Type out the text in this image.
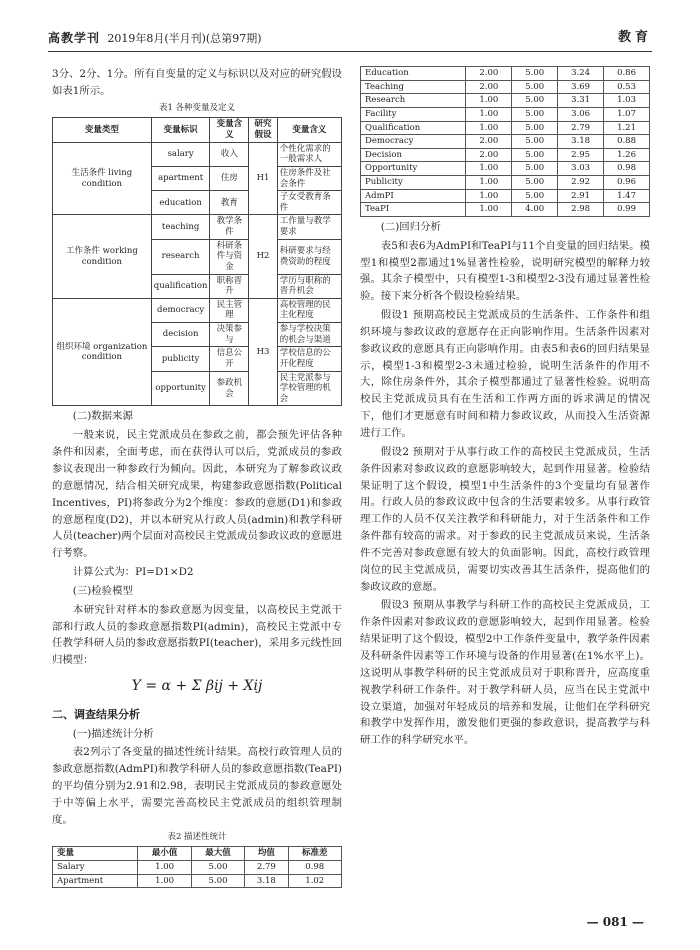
高教学刊 2019年8月(半月刊)(总第97期)	教育

3分、2分、1分。所有自变量的定义与标识以及对应的研究假设如表1所示。

表1 各种变量及定义
变量类型	变量标识	变量含义	研究假设	变量含义
生活条件 living condition	salary	收入	H1	个性化需求的一般需求人
	apartment	住房		住房条件及社会条件
	education	教育		子女受教育条件
工作条件 working condition	teaching	教学条件	H2	工作量与教学要求
	research	科研条件与资金		科研要求与经费资助的程度
	qualification	职称晋升		学历与职称的晋升机会
组织环境 organization condition	democracy	民主管理	H3	高校管理的民主化程度
	decision	决策参与		参与学校决策的机会与渠道
	publicity	信息公开		学校信息的公开化程度
	opportunity	参政机会		民主党派参与学校管理的机会
(二)数据来源

一般来说，民主党派成员在参政之前，都会预先评估各种条件和因素，全面考虑，而在获得认可以后，党派成员的参政参议表现出一种参政行为倾向。因此，本研究为了解参政议政的意愿情况，结合相关研究成果，构建参政意愿指数(Political Incentives，PI)将参政分为2个维度：参政的意愿(D1)和参政的意愿程度(D2)，并以本研究从行政人员(admin)和教学科研人员(teacher)两个层面对高校民主党派成员参政议政的意愿进行考察。

计算公式为：PI=D1×D2

(三)检验模型

本研究针对样本的参政意愿为因变量，以高校民主党派干部和行政人员的参政意愿指数PI(admin)，高校民主党派中专任教学科研人员的参政意愿指数PI(teacher)，采用多元线性回归模型：

Y = α + Σ βij + Xij
二、调查结果分析
(一)描述统计分析

表2列示了各变量的描述性统计结果。高校行政管理人员的参政意愿指数(AdmPI)和教学科研人员的参政意愿指数(TeaPI)的平均值分别为2.91和2.98，表明民主党派成员的参政意愿处于中等偏上水平，需要完善高校民主党派成员的组织管理制度。

表2 描述性统计
变量	最小值	最大值	均值	标准差
Salary	1.00	5.00	2.79	0.98
Apartment	1.00	5.00	3.18	1.02
Education	2.00	5.00	3.24	0.86
Teaching	2.00	5.00	3.69	0.53
Research	1.00	5.00	3.31	1.03
Facility	1.00	5.00	3.06	1.07
Qualification	1.00	5.00	2.79	1.21
Democracy	2.00	5.00	3.18	0.88
Decision	2.00	5.00	2.95	1.26
Opportunity	1.00	5.00	3.03	0.98
Publicity	1.00	5.00	2.92	0.96
AdmPI	1.00	5.00	2.91	1.47
TeaPI	1.00	4.00	2.98	0.99
(二)回归分析

表5和表6为AdmPI和TeaPI与11个自变量的回归结果。模型1和模型2都通过1%显著性检验，说明研究模型的解释力较强。其余子模型中，只有模型1-3和模型2-3没有通过显著性检验。接下来分析各个假设检验结果。

假设1 预期高校民主党派成员的生活条件、工作条件和组织环境与参政议政的意愿存在正向影响作用。生活条件因素对参政议政的意愿具有正向影响作用。由表5和表6的回归结果显示，模型1-3和模型2-3未通过检验，说明生活条件的作用不大，除住房条件外，其余子模型都通过了显著性检验。说明高校民主党派成员具有在生活和工作两方面的诉求满足的情况下，他们才更愿意有时间和精力参政议政，从而投入生活资源进行工作。

假设2 预期对于从事行政工作的高校民主党派成员，生活条件因素对参政议政的意愿影响较大，起到作用显著。检验结果证明了这个假设，模型1中生活条件的3个变量均有显著作用。行政人员的参政议政中包含的生活要素较多。从事行政管理工作的人员不仅关注教学和科研能力，对于生活条件和工作条件都有较高的需求。对于参政的民主党派成员来说，生活条件不完善对参政意愿有较大的负面影响。因此，高校行政管理岗位的民主党派成员，需要切实改善其生活条件，提高他们的参政议政的意愿。

假设3 预期从事教学与科研工作的高校民主党派成员，工作条件因素对参政议政的意愿影响较大，起到作用显著。检验结果证明了这个假设，模型2中工作条件变量中，教学条件因素及科研条件因素等工作环境与设备的作用显著(在1%水平上)。这说明从事教学科研的民主党派成员对于职称晋升，应高度重视教学科研工作条件。对于教学科研人员，应当在民主党派中设立渠道，加强对年轻成员的培养和发展，让他们在学科研究和教学中发挥作用，激发他们更强的参政意识，提高教学与科研工作的科学研究水平。

— 081 —
